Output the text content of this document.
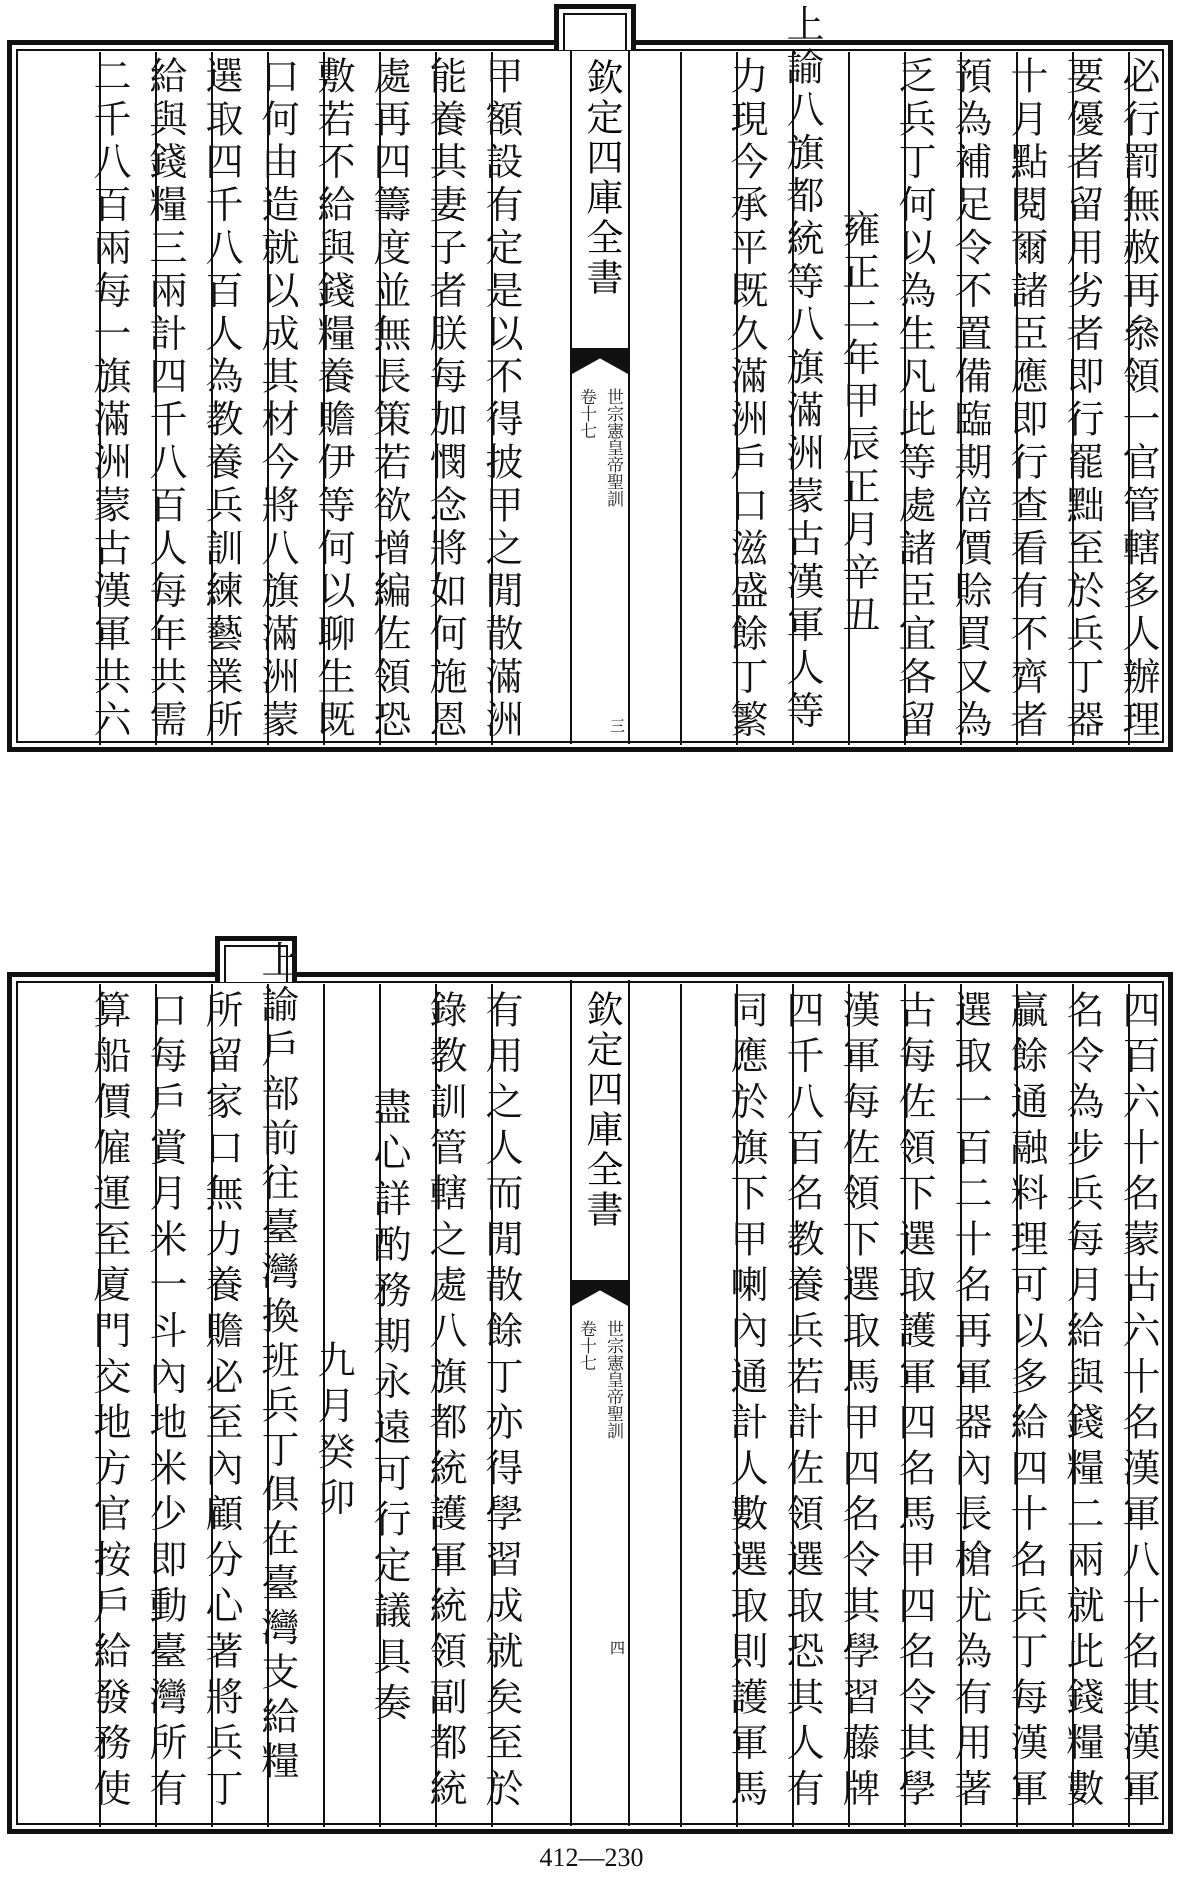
欽定四庫全書
世宗憲皇帝聖訓
卷十七
三
必行罰無赦再叅領一官管轄多人辦理
要優者留用劣者即行罷黜至於兵丁器
十月點閱爾諸臣應即行查看有不齊者
預為補足令不置備臨期倍價賒買又為
乏兵丁何以為生凡此等處諸臣宜各留
雍正二年甲辰正月辛丑
上諭八旗都統等八旗滿洲蒙古漢軍人等
力現今承平既久滿洲戶口滋盛餘丁繁
甲額設有定是以不得披甲之閒散滿洲
能養其妻子者朕每加憫念將如何施恩
處再四籌度並無長策若欲增編佐領恐
敷若不給與錢糧養贍伊等何以聊生既
口何由造就以成其材今將八旗滿洲蒙
選取四千八百人為教養兵訓練藝業所
給與錢糧三兩計四千八百人每年共需
二千八百兩每一旗滿洲蒙古漢軍共六
欽定四庫全書
世宗憲皇帝聖訓
卷十七
四
四百六十名蒙古六十名漢軍八十名其漢軍
名令為步兵每月給與錢糧二兩就此錢糧數
贏餘通融料理可以多給四十名兵丁每漢軍
選取一百二十名再軍器內長槍尤為有用著
古每佐領下選取護軍四名馬甲四名令其學
漢軍每佐領下選取馬甲四名令其學習藤牌
四千八百名教養兵若計佐領選取恐其人有
同應於旗下甲喇內通計人數選取則護軍馬
有用之人而閒散餘丁亦得學習成就矣至於
錄教訓管轄之處八旗都統護軍統領副都統
盡心詳酌務期永遠可行定議具奏
九月癸卯
上諭戶部前往臺灣換班兵丁俱在臺灣支給糧
所留家口無力養贍必至內顧分心著將兵丁
口每戶賞月米一斗內地米少即動臺灣所有
算船價僱運至廈門交地方官按戶給發務使
412—230
